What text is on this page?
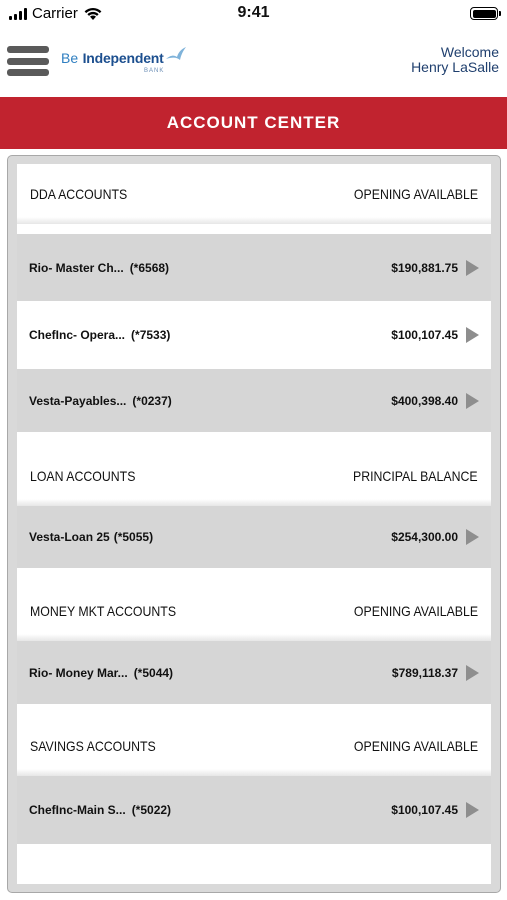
Carrier	9:41
Be Independent
BANK
Welcome
Henry LaSalle
ACCOUNT CENTER
DDA ACCOUNTS	OPENING AVAILABLE
Rio- Master Ch... (*6568)	$190,881.75
ChefInc- Opera... (*7533)	$100,107.45
Vesta-Payables... (*0237)	$400,398.40
LOAN ACCOUNTS	PRINCIPAL BALANCE
Vesta-Loan 25 (*5055)	$254,300.00
MONEY MKT ACCOUNTS	OPENING AVAILABLE
Rio- Money Mar... (*5044)	$789,118.37
SAVINGS ACCOUNTS	OPENING AVAILABLE
ChefInc-Main S... (*5022)	$100,107.45
